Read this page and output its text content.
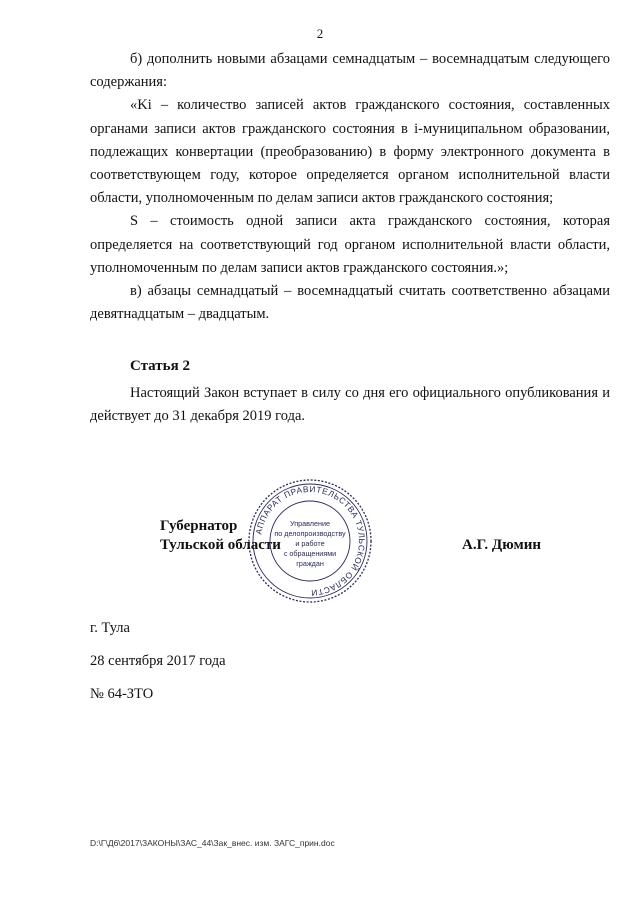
2

б) дополнить новыми абзацами семнадцатым – восемнадцатым следующего содержания:

«Ki – количество записей актов гражданского состояния, составленных органами записи актов гражданского состояния в i-муниципальном образовании, подлежащих конвертации (преобразованию) в форму электронного документа в соответствующем году, которое определяется органом исполнительной власти области, уполномоченным по делам записи актов гражданского состояния;

S – стоимость одной записи акта гражданского состояния, которая определяется на соответствующий год органом исполнительной власти области, уполномоченным по делам записи актов гражданского состояния.»;

в) абзацы семнадцатый – восемнадцатый считать соответственно абзацами девятнадцатым – двадцатым.

Статья 2

Настоящий Закон вступает в силу со дня его официального опубликования и действует до 31 декабря 2019 года.

АППАРАТ ПРАВИТЕЛЬСТВА ТУЛЬСКОЙ ОБЛАСТИ
Управление
по делопроизводству
и работе
с обращениями
граждан
Губернатор
Тульской области	А.Г. Дюмин
г. Тула
28 сентября 2017 года
№ 64-ЗТО
D:\Г\Д6\2017\ЗАКОНЫ\ЗАС_44\Зак_внес. изм. ЗАГС_прин.doc
